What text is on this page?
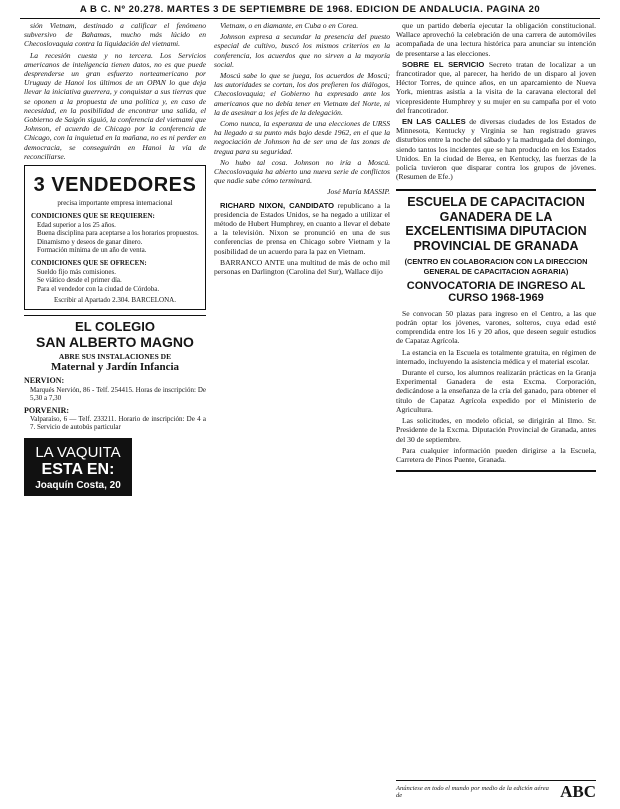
A B C. Nº 20.278. MARTES 3 DE SEPTIEMBRE DE 1968. EDICION DE ANDALUCIA. PAGINA 20

sión Vietnam, destinado a calificar el fenómeno subversivo de Bahamas, mucho más lúcido en Checoslovaquia contra la liquidación del vietnami.

La recesión cuesta y no tercera. Los Servicios americanos de inteligencia tienen datos, no es que puede desprenderse un gran esfuerzo norteamericano por Uruguay de Hanoi los últimos de un OPAN lo que deja llevar la iniciativa guerrera, y conquistar a sus tierras que se oponen a la propuesta de una política y, en caso de necesidad, en la posibilidad de encontrar una salida, el Gobierno de Saigón siguió, la conferencia del vietnami que Johnson, el acuerdo de Chicago por la conferencia de Chicago, con la inquietud en la mañana, no es ni perder en democracia, se conseguirán en Hanoi la vía de reconciliarse.

3 VENDEDORES
precisa importante empresa internacional
CONDICIONES QUE SE REQUIEREN:
Edad superior a los 25 años.
Buena disciplina para aceptarse a los horarios propuestos.
Dinamismo y deseos de ganar dinero.
Formación mínima de un año de venta.
CONDICIONES QUE SE OFRECEN:
Sueldo fijo más comisiones.
Se viático desde el primer día.
Para el vendedor con la ciudad de Córdoba.
Escribir al Apartado 2.304. BARCELONA.
EL COLEGIO
SAN ALBERTO MAGNO
ABRE SUS INSTALACIONES DE
Maternal y Jardín Infancia
NERVION:
Marqués Nervión, 86 - Telf. 254415. Horas de inscripción: De 5,30 a 7,30
PORVENIR:
Valparaíso, 6 — Telf. 233211. Horario de inscripción: De 4 a 7. Servicio de autobús particular
LA VAQUITA
ESTA EN:
Joaquín Costa, 20

Vietnam, o en diamante, en Cuba o en Corea.

Johnson expresa a secundar la presencia del puesto especial de cultivo, buscó los mismos criterios en la conferencia, los acuerdos que no sirven a la mayoría social.

Moscú sabe lo que se juega, los acuerdos de Moscú; las autoridades se cortan, los dos prefieren los diálogos, Checoslovaquia; el Gobierno ha expresado ante los americanos que no debía tener en Vietnam del Norte, ni la de asesinar a los jefes de la delegación.

Como nunca, la esperanza de una elecciones de URSS ha llegado a su punto más bajo desde 1962, en el que la negociación de Johnson ha de ser una de las zonas de tregua para su seguridad.

No hubo tal cosa. Johnson no iría a Moscú. Checoslovaquia ha abierto una nueva serie de conflictos que nadie sabe cómo terminará.

José María MASSIP.

RICHARD NIXON, CANDIDATO republicano a la presidencia de Estados Unidos, se ha negado a utilizar el método de Hubert Humphrey, en cuanto a llevar el debate a la televisión. Nixon se pronunció en una de sus conferencias de prensa en Chicago sobre Vietnam y la posibilidad de un acuerdo para la paz en Vietnam.

BARRANCO ANTE una multitud de más de ocho mil personas en Darlington (Carolina del Sur), Wallace dijo

que un partido debería ejecutar la obligación constitucional. Wallace aprovechó la celebración de una carrera de automóviles acompañada de una lectura histórica para anunciar su intención de presentarse a las elecciones.

SOBRE EL SERVICIO Secreto tratan de localizar a un francotirador que, al parecer, ha herido de un disparo al joven Héctor Torres, de quince años, en un aparcamiento de Nueva York, mientras asistía a la visita de la caravana electoral del vicepresidente Humphrey y su mujer en su campaña por el voto del francotirador.

EN LAS CALLES de diversas ciudades de los Estados de Minnesota, Kentucky y Virginia se han registrado graves disturbios entre la noche del sábado y la madrugada del domingo, siendo tantos los incidentes que se han producido en los Estados Unidos. En la ciudad de Berea, en Kentucky, las fuerzas de la policía tuvieron que disparar contra los grupos de jóvenes. (Resumen de Efe.)

ESCUELA DE CAPACITACION GANADERA DE LA EXCELENTISIMA DIPUTACION PROVINCIAL DE GRANADA
(CENTRO EN COLABORACION CON LA DIRECCION GENERAL DE CAPACITACION AGRARIA)
CONVOCATORIA DE INGRESO AL CURSO 1968-1969

Se convocan 50 plazas para ingreso en el Centro, a las que podrán optar los jóvenes, varones, solteros, cuya edad esté comprendida entre los 16 y 20 años, que deseen seguir estudios de Capataz Agrícola.

La estancia en la Escuela es totalmente gratuita, en régimen de internado, incluyendo la asistencia médica y el material escolar.

Durante el curso, los alumnos realizarán prácticas en la Granja Experimental Ganadera de esta Excma. Corporación, dedicándose a la enseñanza de la cría del ganado, para obtener el título de Capataz Agrícola expedido por el Ministerio de Agricultura.

Las solicitudes, en modelo oficial, se dirigirán al Ilmo. Sr. Presidente de la Excma. Diputación Provincial de Granada, antes del 30 de septiembre.

Para cualquier información pueden dirigirse a la Escuela, Carretera de Pinos Puente, Granada.

Anúnciese en todo el mundo por medio de la edición aérea de	ABC
